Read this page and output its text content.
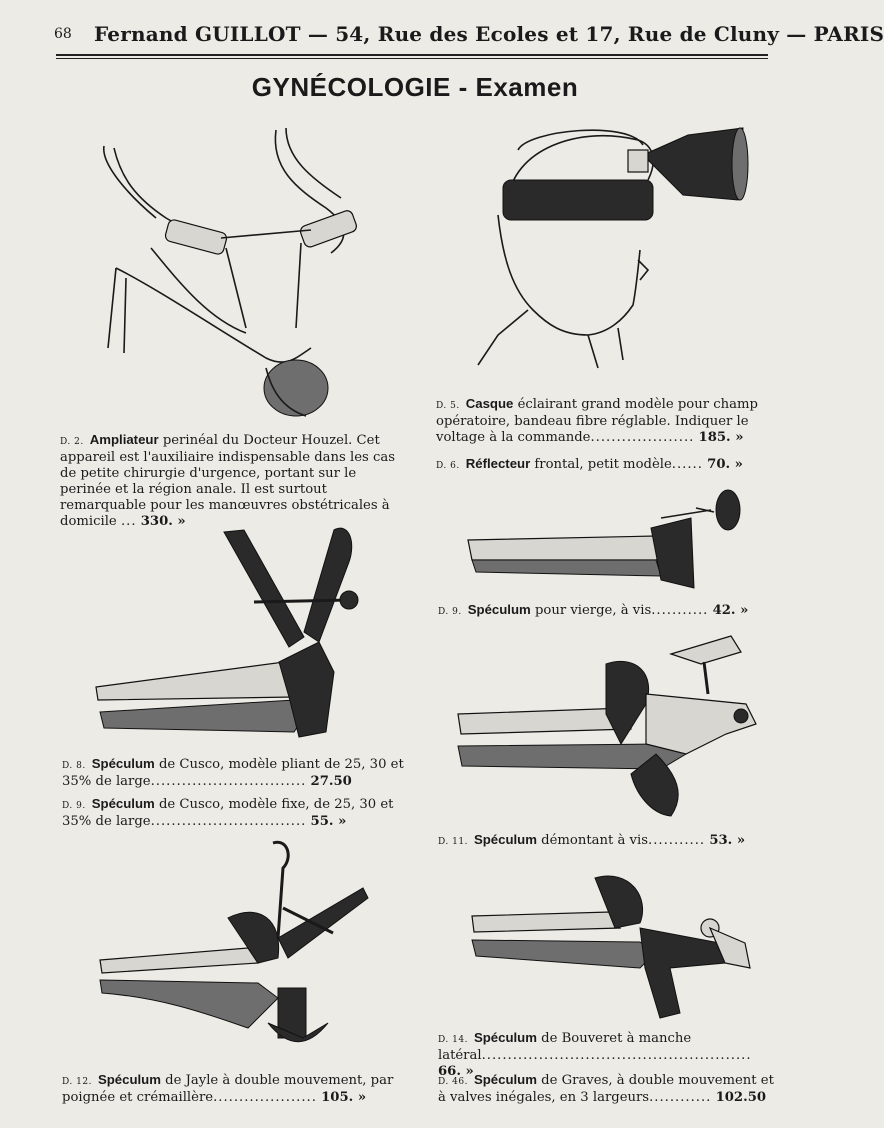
68 Fernand GUILLOT — 54, Rue des Ecoles et 17, Rue de Cluny — PARIS
GYNÉCOLOGIE - Examen
D. 2. Ampliateur perinéal du Docteur Houzel. Cet appareil est l'auxiliaire indispensable dans les cas de petite chirurgie d'urgence, portant sur le perinée et la région anale. Il est surtout remarquable pour les manœuvres obstétricales à domicile ... 330. »
D. 5. Casque éclairant grand modèle pour champ opératoire, bandeau fibre réglable. Indiquer le voltage à la commande.................... 185. »
D. 6. Réflecteur frontal, petit modèle...... 70. »
D. 9. Spéculum pour vierge, à vis........... 42. »
D. 8. Spéculum de Cusco, modèle pliant de 25, 30 et 35% de large.............................. 27.50
D. 9. Spéculum de Cusco, modèle fixe, de 25, 30 et 35% de large.............................. 55. »
D. 11. Spéculum démontant à vis........... 53. »
D. 14. Spéculum de Bouveret à manche latéral.................................................... 66. »
D. 12. Spéculum de Jayle à double mouvement, par poignée et crémaillère.................... 105. »
D. 46. Spéculum de Graves, à double mouvement et à valves inégales, en 3 largeurs............ 102.50
